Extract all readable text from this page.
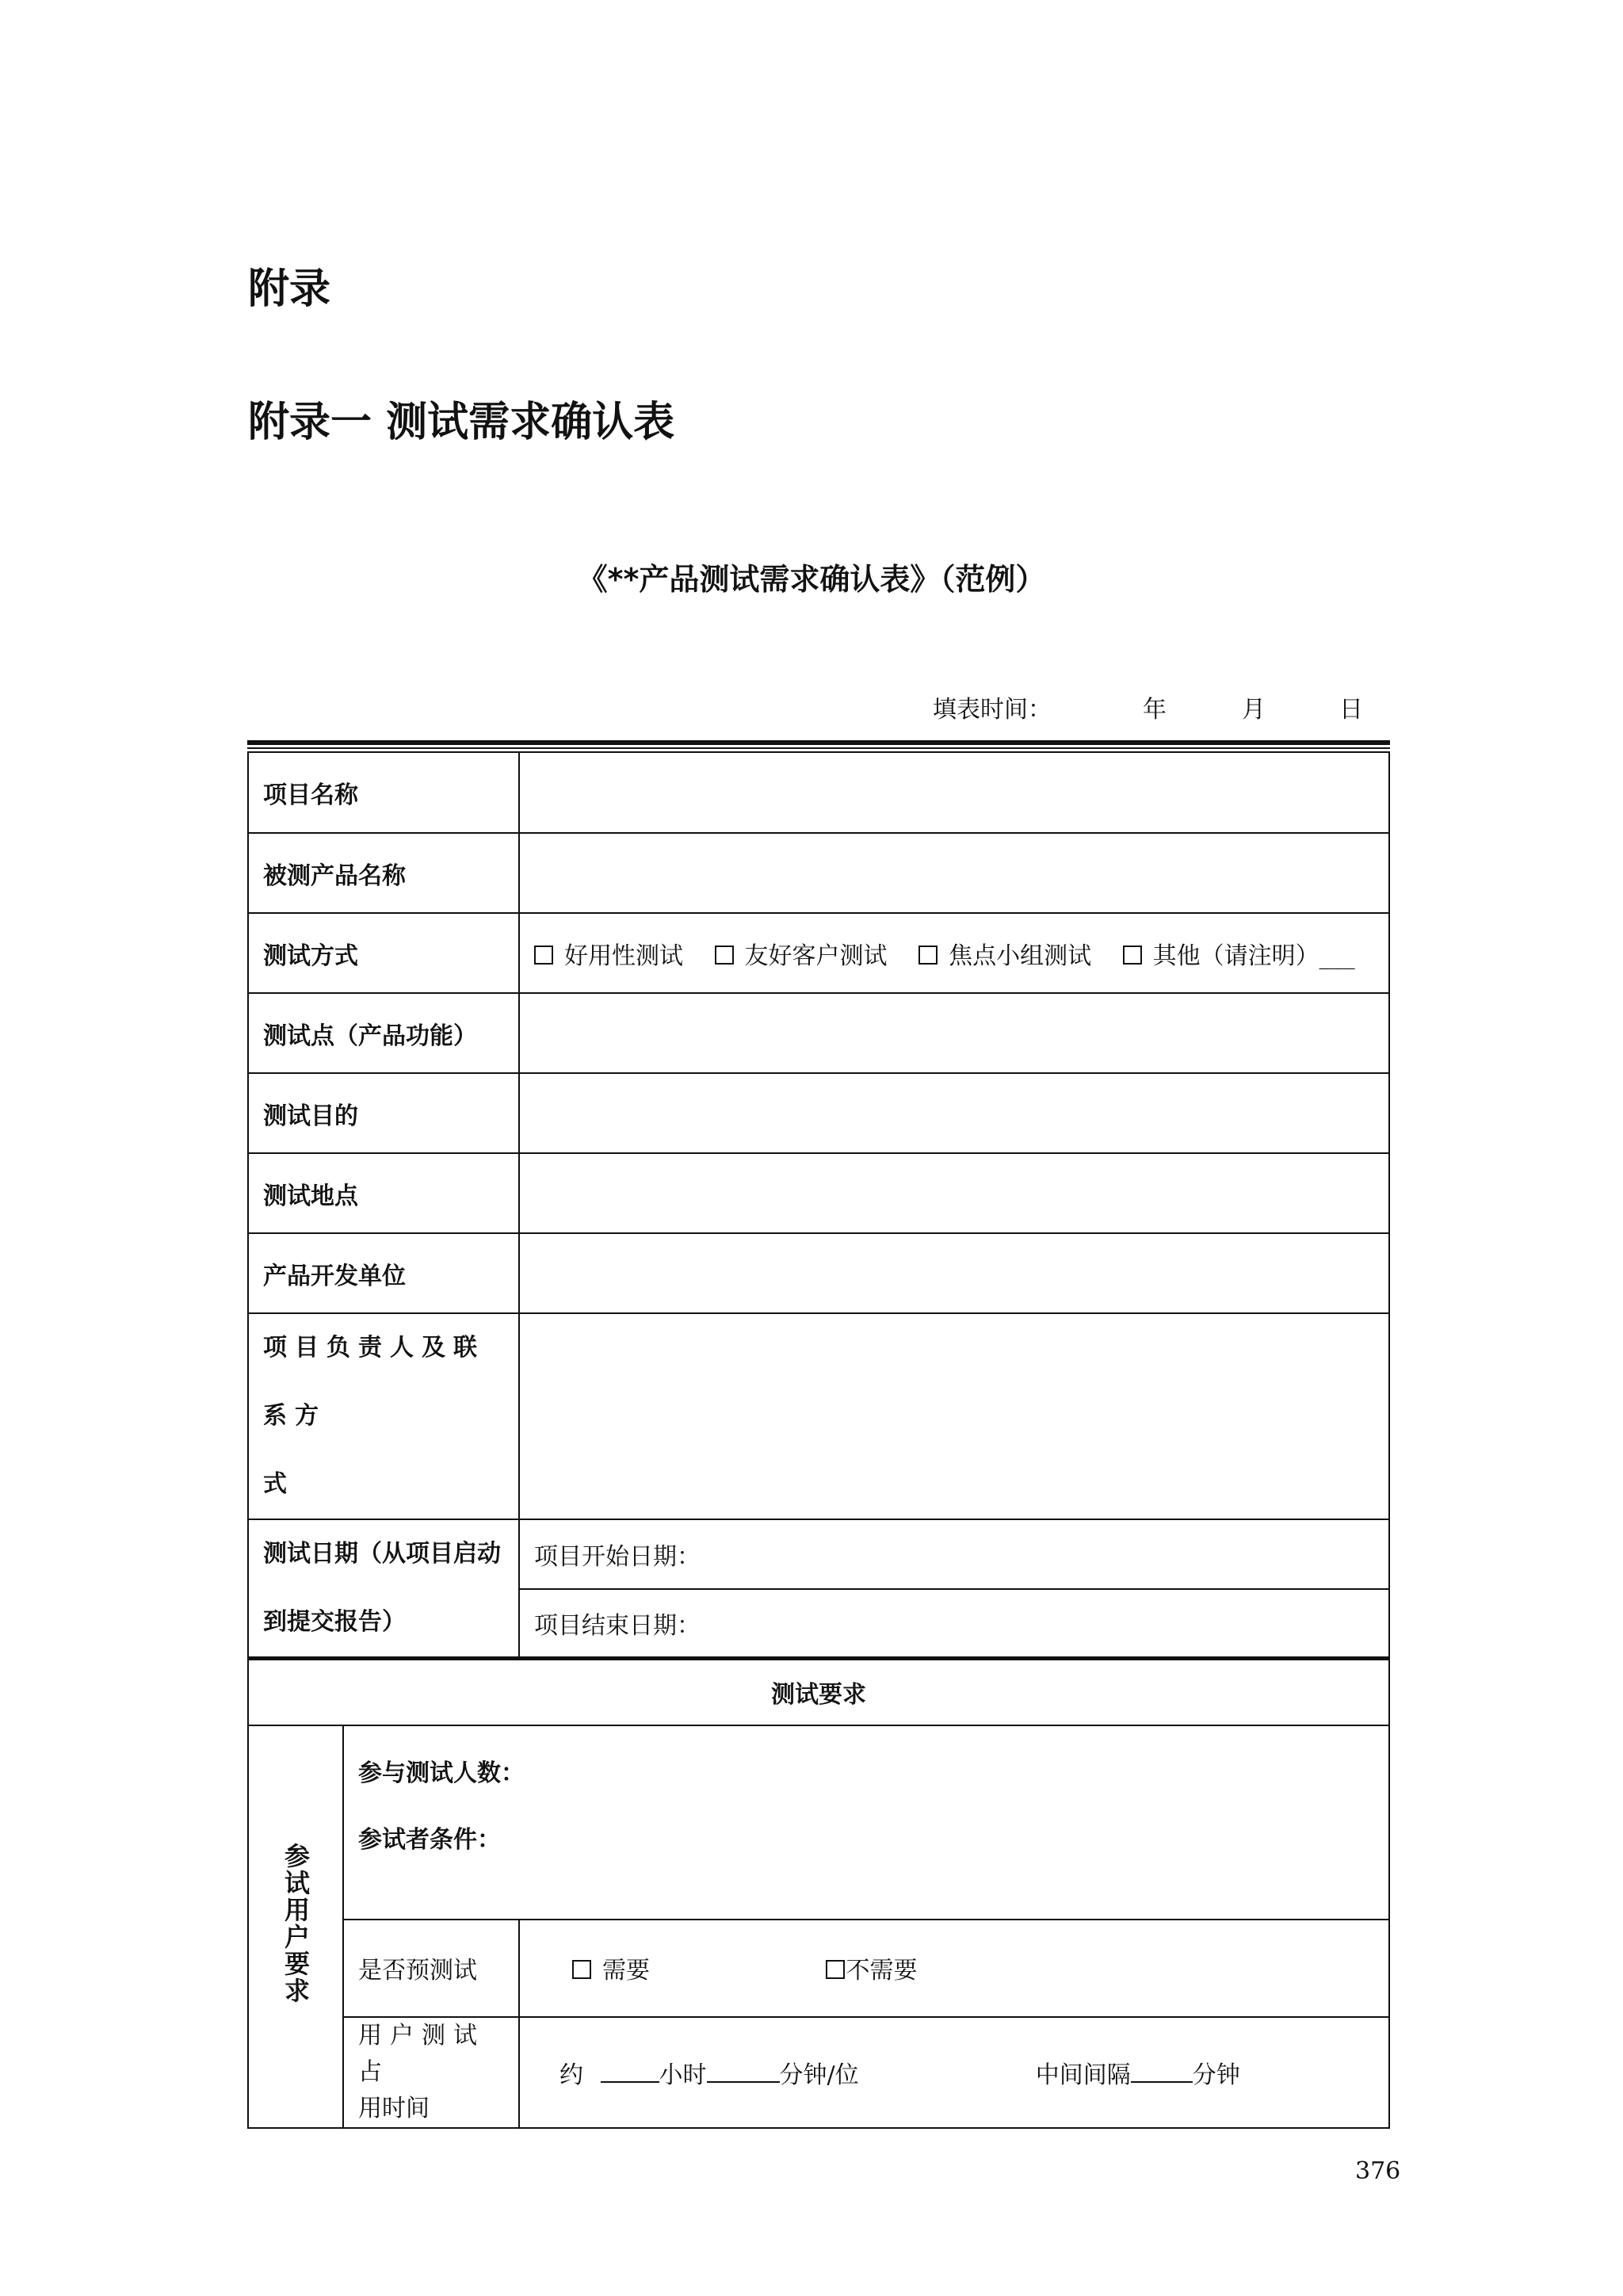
附录
附录一 测试需求确认表
《**产品测试需求确认表》（范例）
填表时间：	年	月	日
项目名称		
被测产品名称		
测试方式		好用性测试 友好客户测试 焦点小组测试 其他（请注明）___
测试点（产品功能）		
测试目的		
测试地点		
产品开发单位		

项目负责人及联系方
式		

测试日期（从项目启动
到提交报告）		项目开始日期：
		项目结束日期：
测试要求		
参试用户要求	参与测试人数：
参试者条件：	

	是否预测试	需要 不需要

	用户测试占
用时间	约 小时 分钟/位 中间间隔 分钟
376
